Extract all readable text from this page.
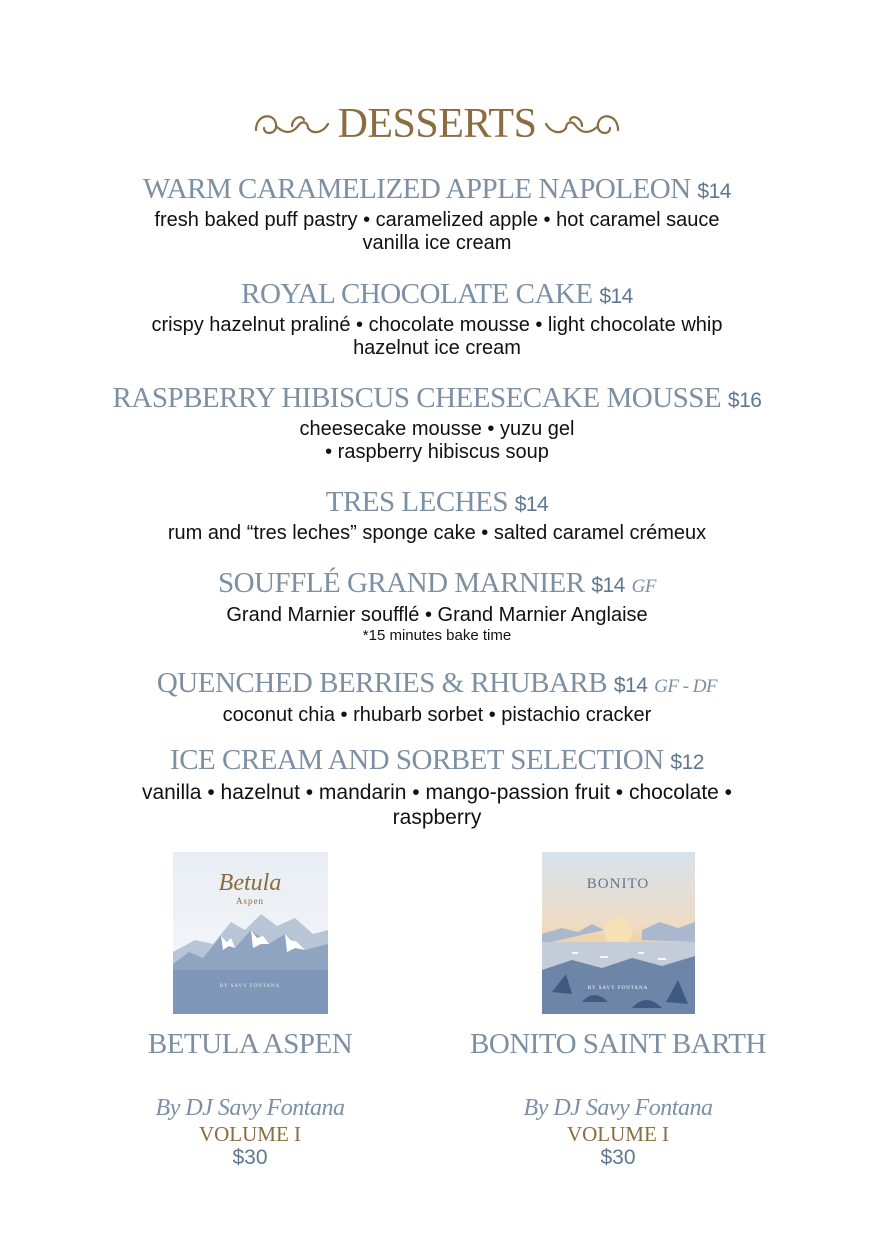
DESSERTS
WARM CARAMELIZED APPLE NAPOLEON $14
fresh baked puff pastry • caramelized apple • hot caramel sauce
vanilla ice cream
ROYAL CHOCOLATE CAKE $14
crispy hazelnut praliné • chocolate mousse • light chocolate whip
hazelnut ice cream
RASPBERRY HIBISCUS CHEESECAKE MOUSSE $16
cheesecake mousse • yuzu gel
• raspberry hibiscus soup
TRES LECHES $14
rum and “tres leches” sponge cake • salted caramel crémeux
SOUFFLÉ GRAND MARNIER $14 GF
Grand Marnier soufflé • Grand Marnier Anglaise
*15 minutes bake time
QUENCHED BERRIES & RHUBARB $14 GF - DF
coconut chia • rhubarb sorbet • pistachio cracker
ICE CREAM AND SORBET SELECTION $12
vanilla • hazelnut • mandarin • mango-passion fruit • chocolate •
raspberry
Betula
Aspen
BY SAVY FONTANA
BETULA ASPEN
By DJ Savy Fontana
VOLUME I
$30
BONITO
BY SAVY FONTANA
BONITO SAINT BARTH
By DJ Savy Fontana
VOLUME I
$30
